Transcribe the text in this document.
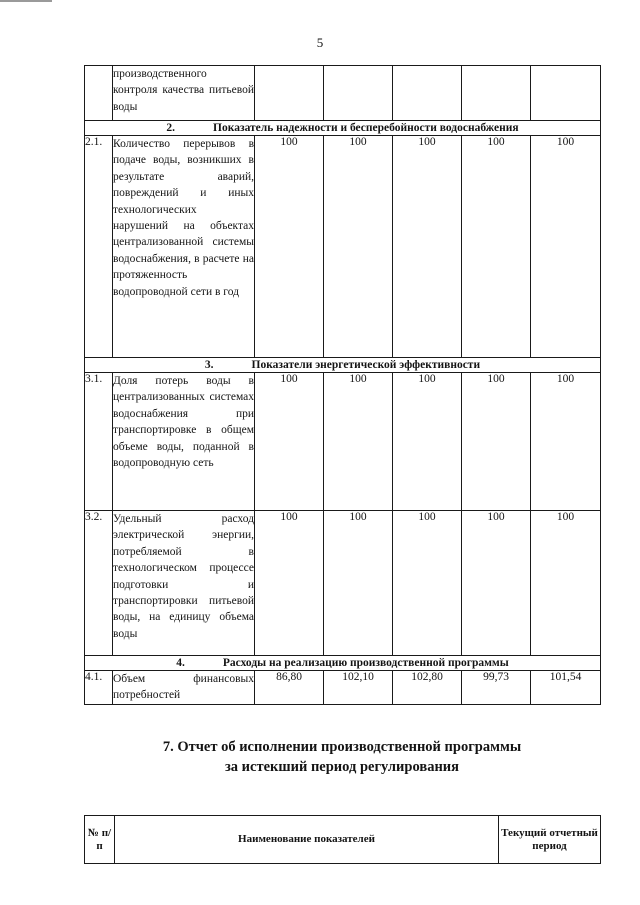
5
	производственного контроля качества питьевой воды					
2. Показатель надежности и бесперебойности водоснабжения						
2.1.	Количество перерывов в подаче воды, возникших в результате аварий, повреждений и иных технологических нарушений на объектах централизованной системы водоснабжения, в расчете на протяженность водопроводной сети в год	100	100	100	100	100
3. Показатели энергетической эффективности						
3.1.	Доля потерь воды в централизованных системах водоснабжения при транспортировке в общем объеме воды, поданной в водопроводную сеть	100	100	100	100	100
3.2.	Удельный расход электрической энергии, потребляемой в технологическом процессе подготовки и транспортировки питьевой воды, на единицу объема воды	100	100	100	100	100
4. Расходы на реализацию производственной программы						
4.1.	Объем финансовых потребностей	86,80	102,10	102,80	99,73	101,54
7. Отчет об исполнении производственной программы
за истекший период регулирования
№ п/п	Наименование показателей	Текущий отчетный период
